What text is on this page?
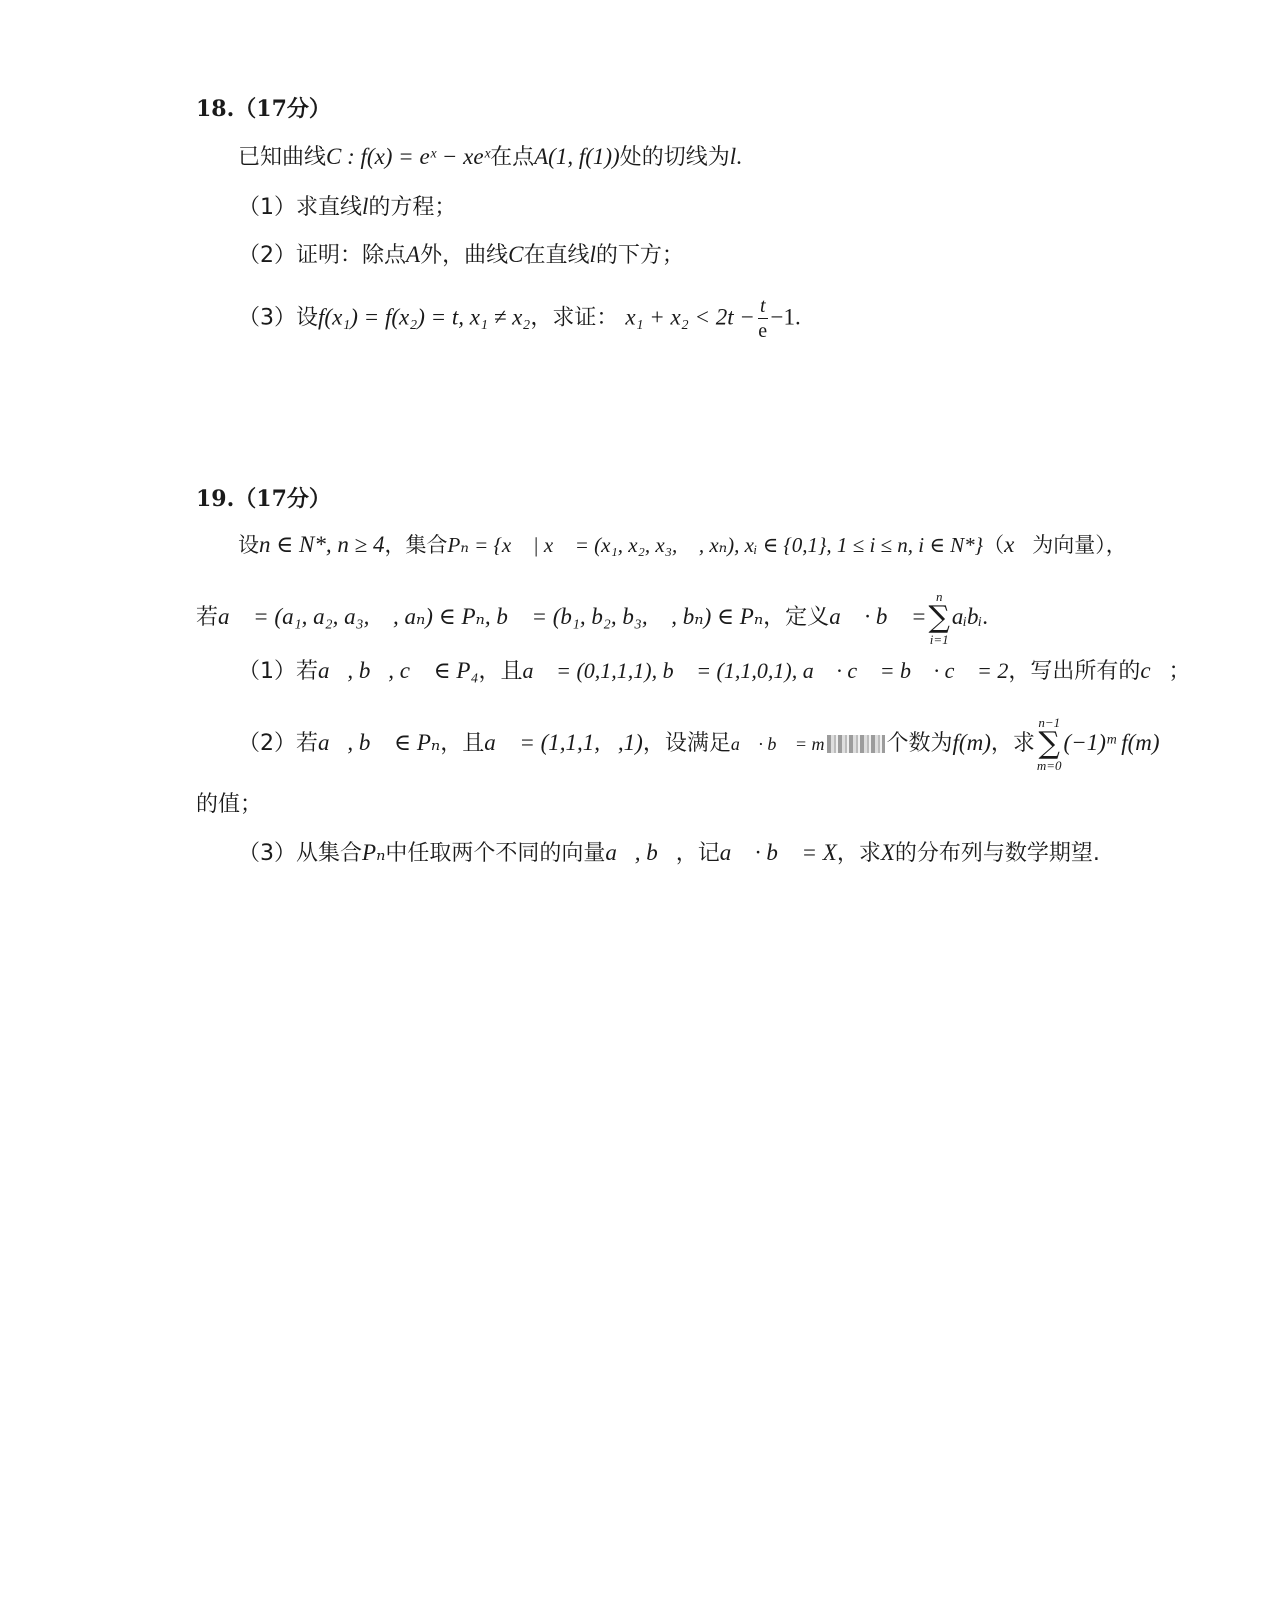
18.（17分）
已知曲线C : f(x) = eˣ − xeˣ在点A(1, f(1))处的切线为l.
（1）求直线l的方程；
（2）证明：除点A外，曲线C在直线l的下方；
（3）设f(x₁) = f(x₂) = t, x₁ ≠ x₂，求证： $x_1 + x_2 < 2t - \frac{t}{e} -1$.
19.（17分）
设n ∈ N*, n ≥ 4，集合Pₙ = {x⃗ | x⃗ = (x₁, x₂, x₃, ⋯, xₙ), xᵢ ∈ {0,1}, 1 ≤ i ≤ n, i ∈ N*}（x⃗为向量），
若a⃗ = (a₁, a₂, a₃, ⋯, aₙ) ∈ Pₙ, b⃗ = (b₁, b₂, b₃, ⋯, bₙ) ∈ Pₙ，定义a⃗ · b⃗ =
n
∑
i=1
aᵢbᵢ.
（1）若a⃗, b⃗, c⃗ ∈ P₄，且a⃗ = (0,1,1,1), b⃗ = (1,1,0,1), a⃗ · c⃗ = b⃗ · c⃗ = 2，写出所有的c⃗；
（2）若a⃗, b⃗ ∈ Pₙ，且a⃗ = (1,1,1,⋯,1)，设满足a⃗ · b⃗ = m	个数为f(m)，求
n−1
∑
m=0
(−1)ᵐ f(m)
的值；
（3）从集合Pₙ中任取两个不同的向量a⃗, b⃗，记a⃗ · b⃗ = X，求X的分布列与数学期望.
